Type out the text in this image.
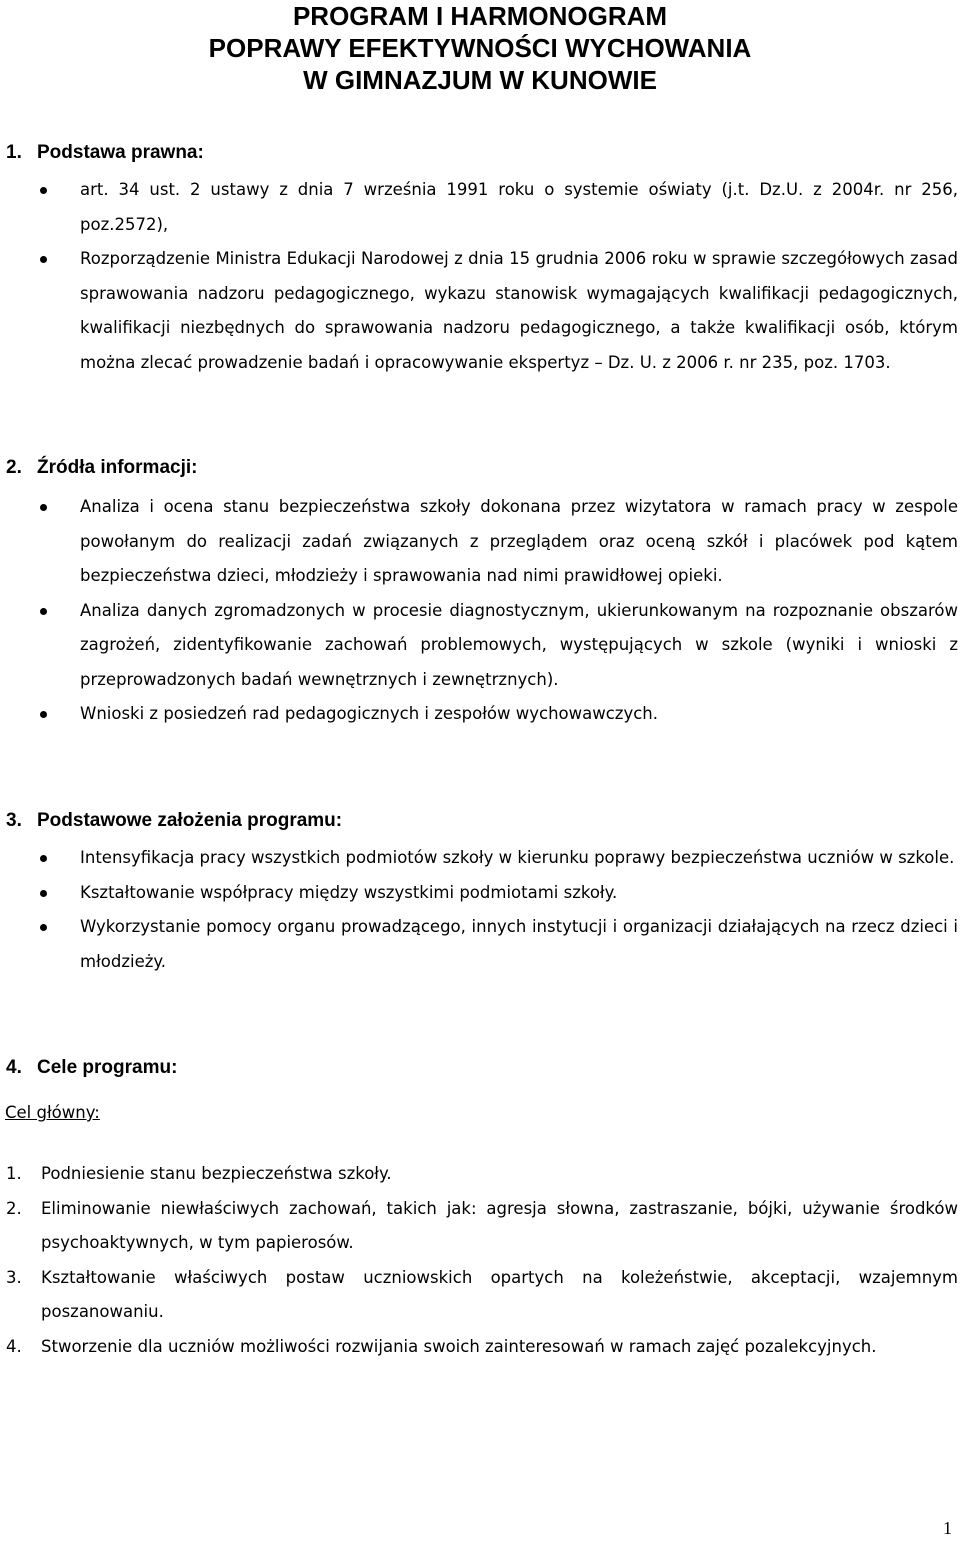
PROGRAM I HARMONOGRAM
POPRAWY EFEKTYWNOŚCI WYCHOWANIA
W GIMNAZJUM W KUNOWIE
1. Podstawa prawna:
art. 34 ust. 2 ustawy z dnia 7 września 1991 roku o systemie oświaty (j.t. Dz.U. z 2004r. nr 256, poz.2572),
Rozporządzenie Ministra Edukacji Narodowej z dnia 15 grudnia 2006 roku w sprawie szczegółowych zasad sprawowania nadzoru pedagogicznego, wykazu stanowisk wymagających kwalifikacji pedagogicznych, kwalifikacji niezbędnych do sprawowania nadzoru pedagogicznego, a także kwalifikacji osób, którym można zlecać prowadzenie badań i opracowywanie ekspertyz – Dz. U. z 2006 r. nr 235, poz. 1703.
2. Źródła informacji:
Analiza i ocena stanu bezpieczeństwa szkoły dokonana przez wizytatora w ramach pracy w zespole powołanym do realizacji zadań związanych z przeglądem oraz oceną szkół i placówek pod kątem bezpieczeństwa dzieci, młodzieży i sprawowania nad nimi prawidłowej opieki.
Analiza danych zgromadzonych w procesie diagnostycznym, ukierunkowanym na rozpoznanie obszarów zagrożeń, zidentyfikowanie zachowań problemowych, występujących w szkole (wyniki i wnioski z przeprowadzonych badań wewnętrznych i zewnętrznych).
Wnioski z posiedzeń rad pedagogicznych i zespołów wychowawczych.
3. Podstawowe założenia programu:
Intensyfikacja pracy wszystkich podmiotów szkoły w kierunku poprawy bezpieczeństwa uczniów w szkole.
Kształtowanie współpracy między wszystkimi podmiotami szkoły.
Wykorzystanie pomocy organu prowadzącego, innych instytucji i organizacji działających na rzecz dzieci i młodzieży.
4. Cele programu:
Cel główny:
1. Podniesienie stanu bezpieczeństwa szkoły.
2. Eliminowanie niewłaściwych zachowań, takich jak: agresja słowna, zastraszanie, bójki, używanie środków psychoaktywnych, w tym papierosów.
3. Kształtowanie właściwych postaw uczniowskich opartych na koleżeństwie, akceptacji, wzajemnym poszanowaniu.
4. Stworzenie dla uczniów możliwości rozwijania swoich zainteresowań w ramach zajęć pozalekcyjnych.
1
